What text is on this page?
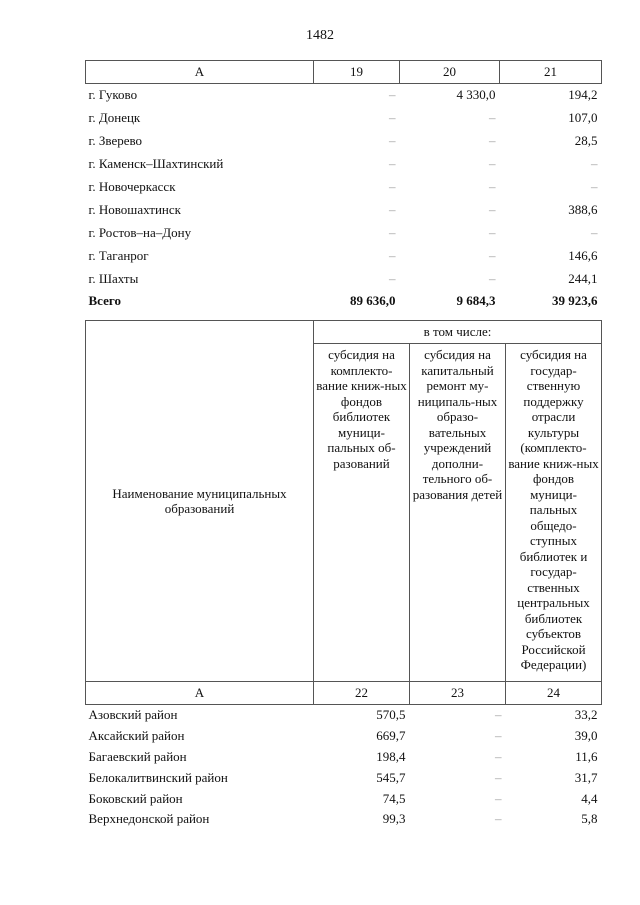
1482
А	19	20	21
г. Гуково	–	4 330,0	194,2
г. Донецк	–	–	107,0
г. Зверево	–	–	28,5
г. Каменск–Шахтинский	–	–	–
г. Новочеркасск	–	–	–
г. Новошахтинск	–	–	388,6
г. Ростов–на–Дону	–	–	–
г. Таганрог	–	–	146,6
г. Шахты	–	–	244,1
Всего	89 636,0	9 684,3	39 923,6
Наименование муниципальных образований	в том числе:		
	субсидия на комплекто-вание книж-ных фондов библиотек муници-пальных об-разований	субсидия на капитальный ремонт му-ниципаль-ных образо-вательных учреждений дополни-тельного об-разования детей	субсидия на государ-ственную поддержку отрасли культуры (комплекто-вание книж-ных фондов муници-пальных общедо-ступных библиотек и государ-ственных центральных библиотек субъектов Российской Федерации)
А	22	23	24
Азовский район	570,5	–	33,2
Аксайский район	669,7	–	39,0
Багаевский район	198,4	–	11,6
Белокалитвинский район	545,7	–	31,7
Боковский район	74,5	–	4,4
Верхнедонской район	99,3	–	5,8
